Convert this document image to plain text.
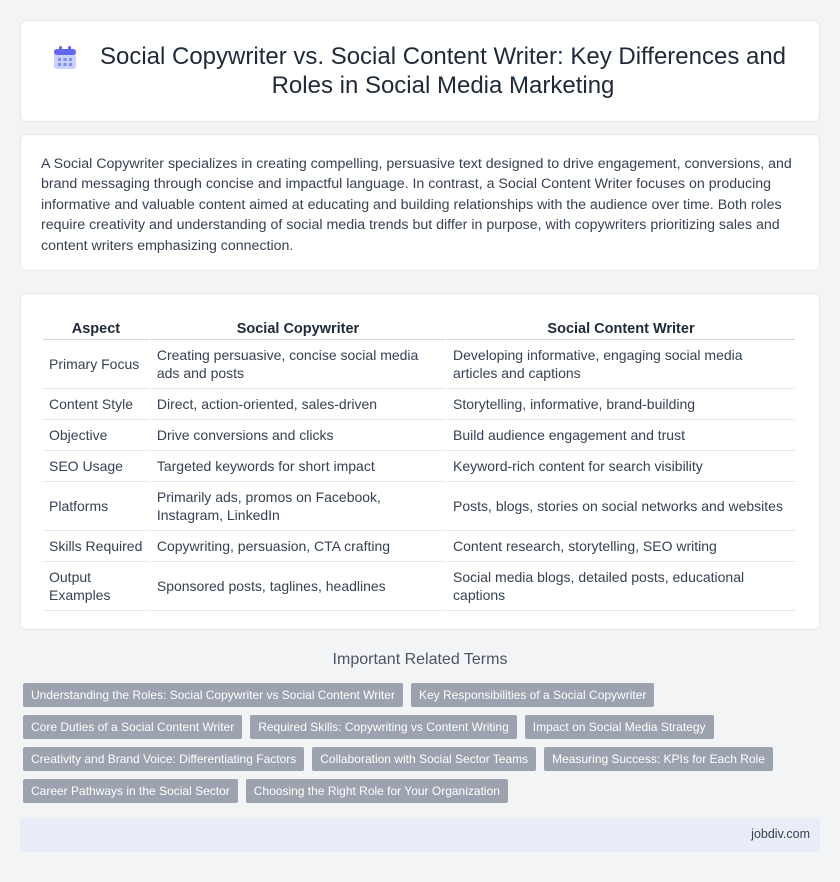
Social Copywriter vs. Social Content Writer: Key Differences and Roles in Social Media Marketing

A Social Copywriter specializes in creating compelling, persuasive text designed to drive engagement, conversions, and brand messaging through concise and impactful language. In contrast, a Social Content Writer focuses on producing informative and valuable content aimed at educating and building relationships with the audience over time. Both roles require creativity and understanding of social media trends but differ in purpose, with copywriters prioritizing sales and content writers emphasizing connection.

Aspect	Social Copywriter	Social Content Writer
Primary Focus	Creating persuasive, concise social media ads and posts	Developing informative, engaging social media articles and captions
Content Style	Direct, action-oriented, sales-driven	Storytelling, informative, brand-building
Objective	Drive conversions and clicks	Build audience engagement and trust
SEO Usage	Targeted keywords for short impact	Keyword-rich content for search visibility
Platforms	Primarily ads, promos on Facebook, Instagram, LinkedIn	Posts, blogs, stories on social networks and websites
Skills Required	Copywriting, persuasion, CTA crafting	Content research, storytelling, SEO writing
Output Examples	Sponsored posts, taglines, headlines	Social media blogs, detailed posts, educational captions
Important Related Terms
Understanding the Roles: Social Copywriter vs Social Content Writer	Key Responsibilities of a Social Copywriter
Core Duties of a Social Content Writer	Required Skills: Copywriting vs Content Writing	Impact on Social Media Strategy
Creativity and Brand Voice: Differentiating Factors	Collaboration with Social Sector Teams	Measuring Success: KPIs for Each Role
Career Pathways in the Social Sector	Choosing the Right Role for Your Organization
jobdiv.com
